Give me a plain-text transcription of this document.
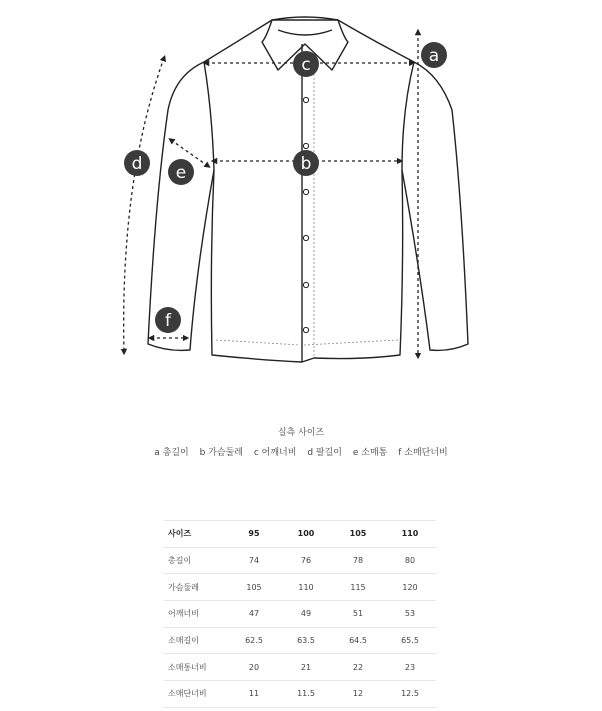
c
b
a
d e
f
실측 사이즈
a 총길이 b 가슴둘레 c 어깨너비 d 팔길이 e 소매통 f 소매단너비
사이즈	95	100	105	110
총길이	74	76	78	80
가슴둘레	105	110	115	120
어깨너비	47	49	51	53
소매길이	62.5	63.5	64.5	65.5
소매통너비	20	21	22	23
소매단너비	11	11.5	12	12.5
